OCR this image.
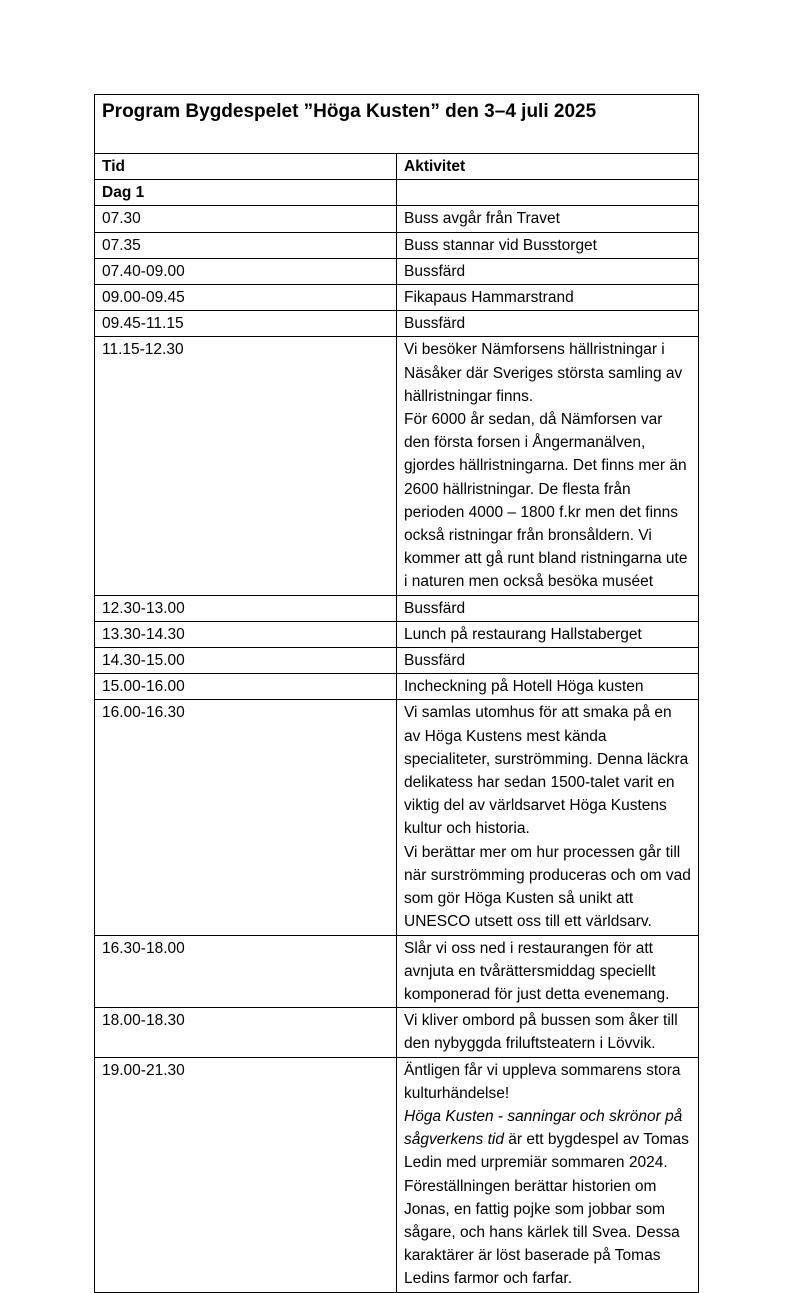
Program Bygdespelet ”Höga Kusten” den 3–4 juli 2025	
Tid	Aktivitet
Dag 1	
07.30	Buss avgår från Travet
07.35	Buss stannar vid Busstorget
07.40-09.00	Bussfärd
09.00-09.45	Fikapaus Hammarstrand
09.45-11.15	Bussfärd
11.15-12.30	Vi besöker Nämforsens hällristningar i Näsåker där Sveriges största samling av hällristningar finns.
För 6000 år sedan, då Nämforsen var den första forsen i Ångermanälven, gjordes hällristningarna. Det finns mer än 2600 hällristningar. De flesta från perioden 4000 – 1800 f.kr men det finns också ristningar från bronsåldern. Vi kommer att gå runt bland ristningarna ute i naturen men också besöka muséet

12.30-13.00	Bussfärd
13.30-14.30	Lunch på restaurang Hallstaberget
14.30-15.00	Bussfärd
15.00-16.00	Incheckning på Hotell Höga kusten
16.00-16.30	Vi samlas utomhus för att smaka på en av Höga Kustens mest kända specialiteter, surströmming. Denna läckra delikatess har sedan 1500-talet varit en viktig del av världsarvet Höga Kustens kultur och historia.
Vi berättar mer om hur processen går till när surströmming produceras och om vad som gör Höga Kusten så unikt att UNESCO utsett oss till ett världsarv.

16.30-18.00	Slår vi oss ned i restaurangen för att avnjuta en tvårättersmiddag speciellt komponerad för just detta evenemang.
18.00-18.30	Vi kliver ombord på bussen som åker till den nybyggda friluftsteatern i Lövvik.
19.00-21.30	Äntligen får vi uppleva sommarens stora kulturhändelse!
Höga Kusten - sanningar och skrönor på sågverkens tid är ett bygdespel av Tomas Ledin med urpremiär sommaren 2024. Föreställningen berättar historien om Jonas, en fattig pojke som jobbar som sågare, och hans kärlek till Svea. Dessa karaktärer är löst baserade på Tomas Ledins farmor och farfar.
